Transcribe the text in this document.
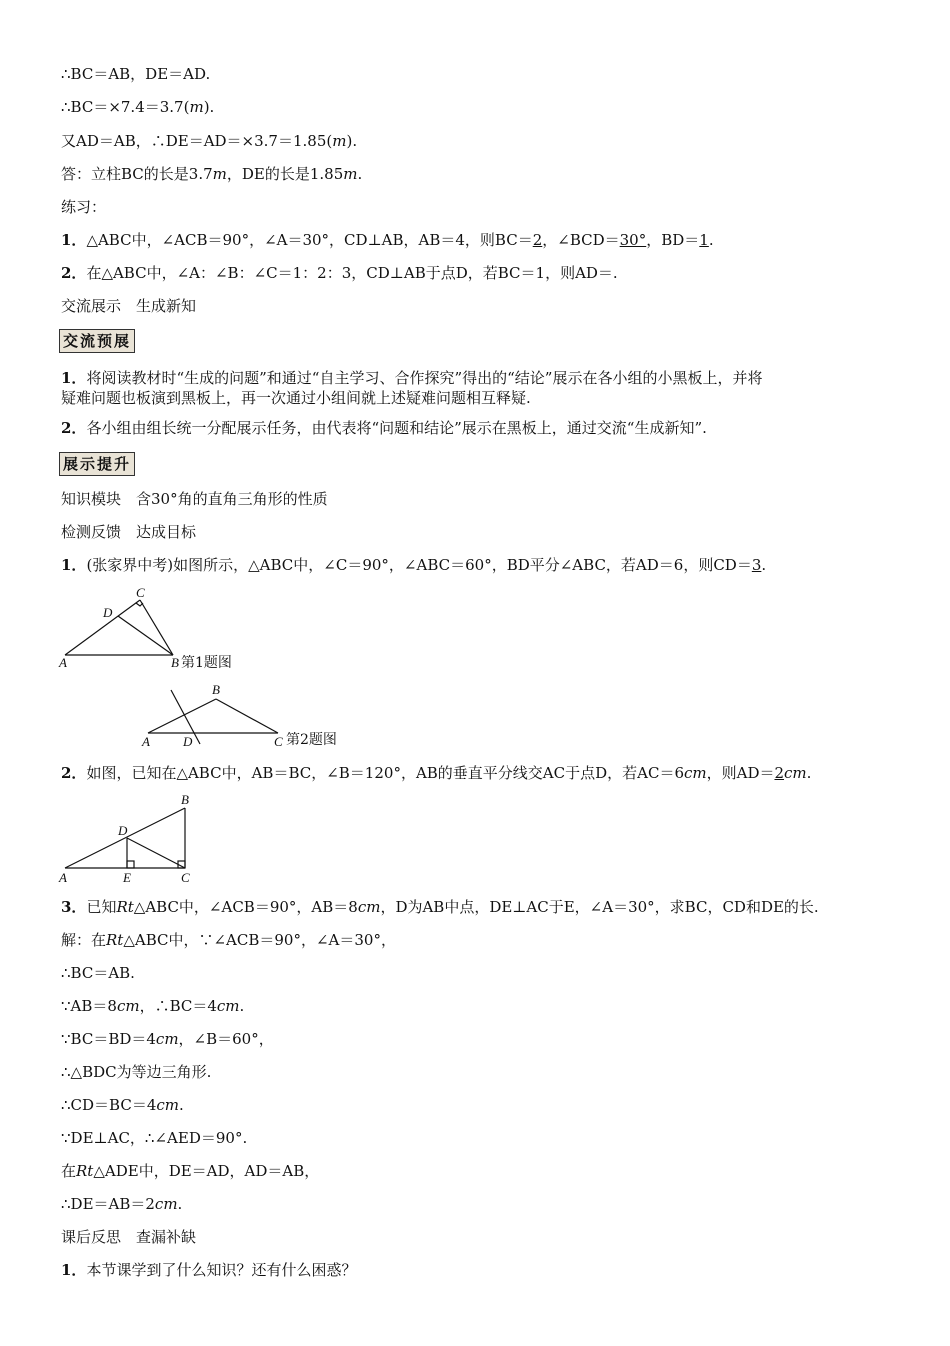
∴BC＝AB，DE＝AD.
∴BC＝×7.4＝3.7(m).
又AD＝AB，∴DE＝AD＝×3.7＝1.85(m).
答：立柱BC的长是3.7m，DE的长是1.85m.
练习：
1．△ABC中，∠ACB＝90°，∠A＝30°，CD⊥AB，AB＝4，则BC＝2，∠BCD＝30°，BD＝1.
2．在△ABC中，∠A：∠B：∠C＝1：2：3，CD⊥AB于点D，若BC＝1，则AD＝.
交流展示　生成新知
交流预展
1．将阅读教材时“生成的问题”和通过“自主学习、合作探究”得出的“结论”展示在各小组的小黑板上，并将
疑难问题也板演到黑板上，再一次通过小组间就上述疑难问题相互释疑.
2．各小组由组长统一分配展示任务，由代表将“问题和结论”展示在黑板上，通过交流“生成新知”.
展示提升
知识模块　含30°角的直角三角形的性质
检测反馈　达成目标
1．(张家界中考)如图所示，△ABC中，∠C＝90°，∠ABC＝60°，BD平分∠ABC，若AD＝6，则CD＝3.
A	B
C
D
第1题图
A
B
C
D	第2题图
2．如图，已知在△ABC中，AB＝BC，∠B＝120°，AB的垂直平分线交AC于点D，若AC＝6cm，则AD＝2cm.
A
B
C
D
E
3．已知Rt△ABC中，∠ACB＝90°，AB＝8cm，D为AB中点，DE⊥AC于E，∠A＝30°，求BC，CD和DE的长.
解：在Rt△ABC中，∵∠ACB＝90°，∠A＝30°，
∴BC＝AB.
∵AB＝8cm，∴BC＝4cm.
∵BC＝BD＝4cm，∠B＝60°，
∴△BDC为等边三角形.
∴CD＝BC＝4cm.
∵DE⊥AC，∴∠AED＝90°.
在Rt△ADE中，DE＝AD，AD＝AB，
∴DE＝AB＝2cm.
课后反思　查漏补缺
1．本节课学到了什么知识？还有什么困惑？
